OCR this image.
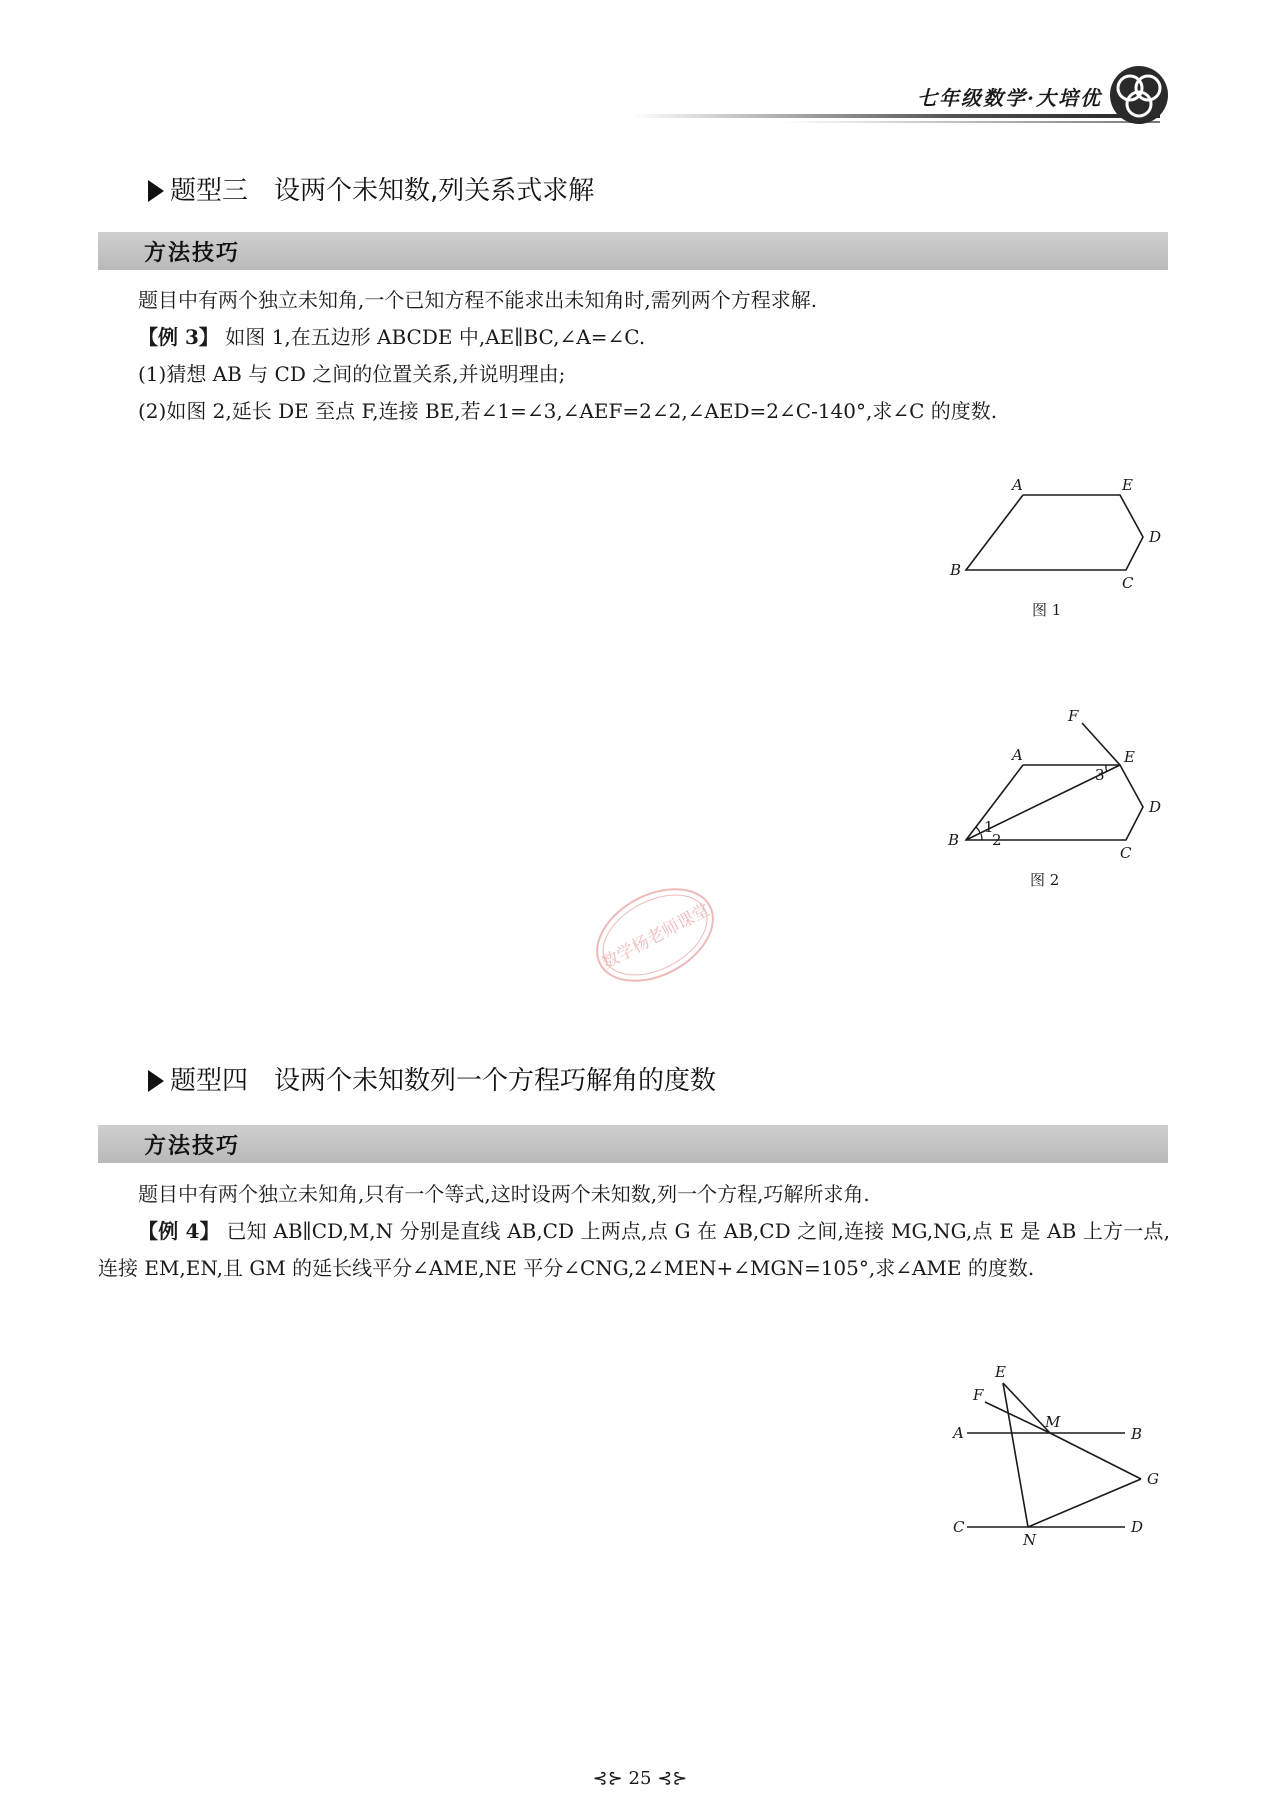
七年级数学·大培优
题型三 设两个未知数,列关系式求解
方法技巧
题目中有两个独立未知角,一个已知方程不能求出未知角时,需列两个方程求解.
【例 3】 如图 1,在五边形 ABCDE 中,AE∥BC,∠A=∠C.
(1)猜想 AB 与 CD 之间的位置关系,并说明理由;
(2)如图 2,延长 DE 至点 F,连接 BE,若∠1=∠3,∠AEF=2∠2,∠AED=2∠C-140°,求∠C 的度数.
A	E
D
B
C
图 1
F
A	E
D
B
C
1
2
3
图 2
数学杨老师课堂
题型四 设两个未知数列一个方程巧解角的度数
方法技巧
题目中有两个独立未知角,只有一个等式,这时设两个未知数,列一个方程,巧解所求角.
【例 4】 已知 AB∥CD,M,N 分别是直线 AB,CD 上两点,点 G 在 AB,CD 之间,连接 MG,NG,点 E 是 AB 上方一点,连接 EM,EN,且 GM 的延长线平分∠AME,NE 平分∠CNG,2∠MEN+∠MGN=105°,求∠AME 的度数.
E
F
A
M
B
G
C
N
D
⊰⊱ 25 ⊰⊱
